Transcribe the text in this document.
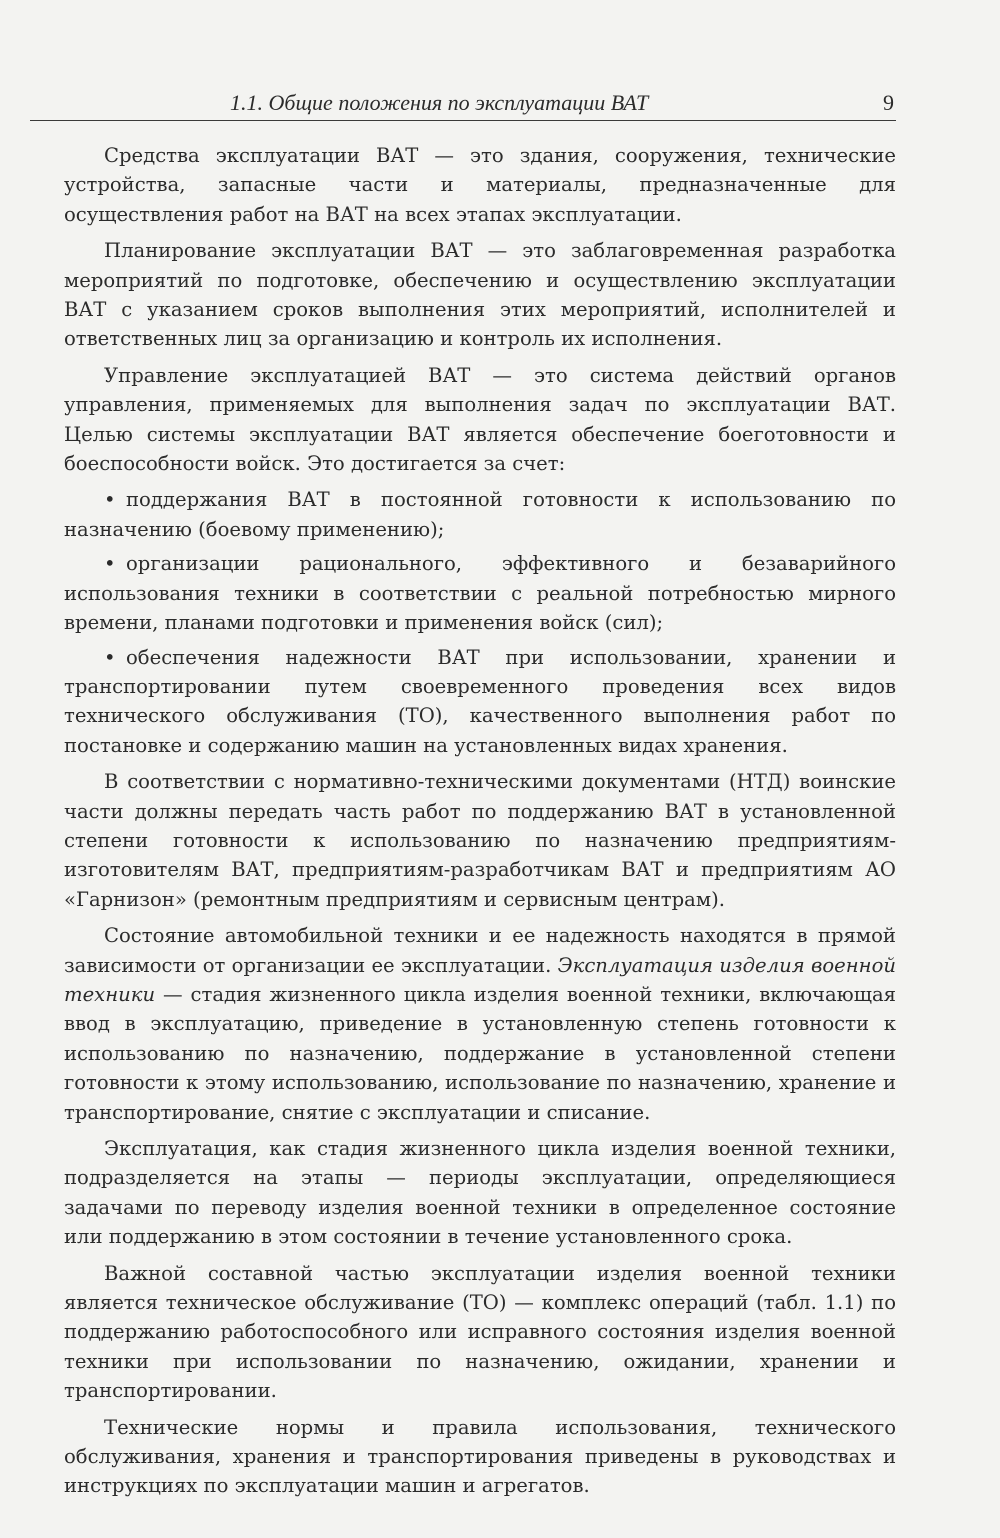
1.1. Общие положения по эксплуатации ВАТ	9

Средства эксплуатации ВАТ — это здания, сооружения, технические устройства, запасные части и материалы, предназначенные для осуществления работ на ВАТ на всех этапах эксплуатации.

Планирование эксплуатации ВАТ — это заблаговременная разработка мероприятий по подготовке, обеспечению и осуществлению эксплуатации ВАТ с указанием сроков выполнения этих мероприятий, исполнителей и ответственных лиц за организацию и контроль их исполнения.

Управление эксплуатацией ВАТ — это система действий органов управления, применяемых для выполнения задач по эксплуатации ВАТ. Целью системы эксплуатации ВАТ является обеспечение боеготовности и боеспособности войск. Это достигается за счет:

• поддержания ВАТ в постоянной готовности к использованию по назначению (боевому применению);
• организации рационального, эффективного и безаварийного использования техники в соответствии с реальной потребностью мирного времени, планами подготовки и применения войск (сил);
• обеспечения надежности ВАТ при использовании, хранении и транспортировании путем своевременного проведения всех видов технического обслуживания (ТО), качественного выполнения работ по постановке и содержанию машин на установленных видах хранения.

В соответствии с нормативно-техническими документами (НТД) воинские части должны передать часть работ по поддержанию ВАТ в установленной степени готовности к использованию по назначению предприятиям-изготовителям ВАТ, предприятиям-разработчикам ВАТ и предприятиям АО «Гарнизон» (ремонтным предприятиям и сервисным центрам).

Состояние автомобильной техники и ее надежность находятся в прямой зависимости от организации ее эксплуатации. Эксплуатация изделия военной техники — стадия жизненного цикла изделия военной техники, включающая ввод в эксплуатацию, приведение в установленную степень готовности к использованию по назначению, поддержание в установленной степени готовности к этому использованию, использование по назначению, хранение и транспортирование, снятие с эксплуатации и списание.

Эксплуатация, как стадия жизненного цикла изделия военной техники, подразделяется на этапы — периоды эксплуатации, определяющиеся задачами по переводу изделия военной техники в определенное состояние или поддержанию в этом состоянии в течение установленного срока.

Важной составной частью эксплуатации изделия военной техники является техническое обслуживание (ТО) — комплекс операций (табл. 1.1) по поддержанию работоспособного или исправного состояния изделия военной техники при использовании по назначению, ожидании, хранении и транспортировании.

Технические нормы и правила использования, технического обслуживания, хранения и транспортирования приведены в руководствах и инструкциях по эксплуатации машин и агрегатов.
